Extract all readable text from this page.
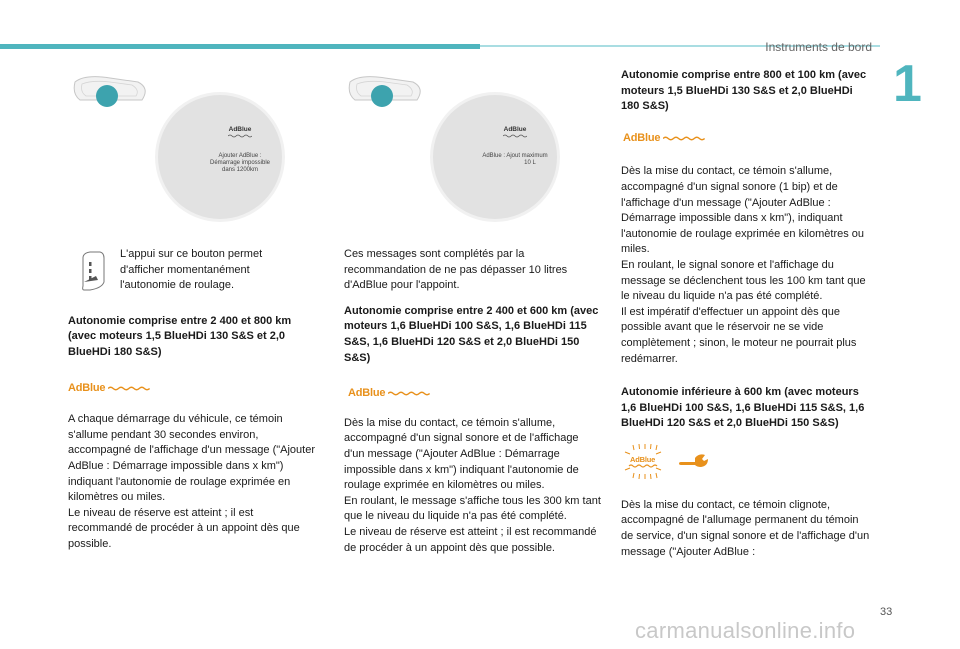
Instruments de bord
1
AdBlue
Ajouter AdBlue :
Démarrage impossible
dans 1200km
AdBlue
AdBlue : Ajout maximum
10 L

L'appui sur ce bouton permet d'afficher momentanément l'autonomie de roulage.

Autonomie comprise entre 2 400 et 800 km (avec moteurs 1,5 BlueHDi 130 S&S et 2,0 BlueHDi 180 S&S)

AdBlue

A chaque démarrage du véhicule, ce témoin s'allume pendant 30 secondes environ, accompagné de l'affichage d'un message ("Ajouter AdBlue : Démarrage impossible dans x km") indiquant l'autonomie de roulage exprimée en kilomètres ou miles.

Le niveau de réserve est atteint ; il est recommandé de procéder à un appoint dès que possible.

Ces messages sont complétés par la recommandation de ne pas dépasser 10 litres d'AdBlue pour l'appoint.

Autonomie comprise entre 2 400 et 600 km (avec moteurs 1,6 BlueHDi 100 S&S, 1,6 BlueHDi 115 S&S, 1,6 BlueHDi 120 S&S et 2,0 BlueHDi 150 S&S)

AdBlue

Dès la mise du contact, ce témoin s'allume, accompagné d'un signal sonore et de l'affichage d'un message ("Ajouter AdBlue : Démarrage impossible dans x km") indiquant l'autonomie de roulage exprimée en kilomètres ou miles.

En roulant, le message s'affiche tous les 300 km tant que le niveau du liquide n'a pas été complété.

Le niveau de réserve est atteint ; il est recommandé de procéder à un appoint dès que possible.

Autonomie comprise entre 800 et 100 km (avec moteurs 1,5 BlueHDi 130 S&S et 2,0 BlueHDi 180 S&S)

AdBlue

Dès la mise du contact, ce témoin s'allume, accompagné d'un signal sonore (1 bip) et de l'affichage d'un message ("Ajouter AdBlue : Démarrage impossible dans x km"), indiquant l'autonomie de roulage exprimée en kilomètres ou miles.

En roulant, le signal sonore et l'affichage du message se déclenchent tous les 100 km tant que le niveau du liquide n'a pas été complété.

Il est impératif d'effectuer un appoint dès que possible avant que le réservoir ne se vide complètement ; sinon, le moteur ne pourrait plus redémarrer.

Autonomie inférieure à 600 km (avec moteurs 1,6 BlueHDi 100 S&S, 1,6 BlueHDi 115 S&S, 1,6 BlueHDi 120 S&S et 2,0 BlueHDi 150 S&S)

AdBlue

Dès la mise du contact, ce témoin clignote, accompagné de l'allumage permanent du témoin de service, d'un signal sonore et de l'affichage d'un message ("Ajouter AdBlue :

33
carmanualsonline.info
